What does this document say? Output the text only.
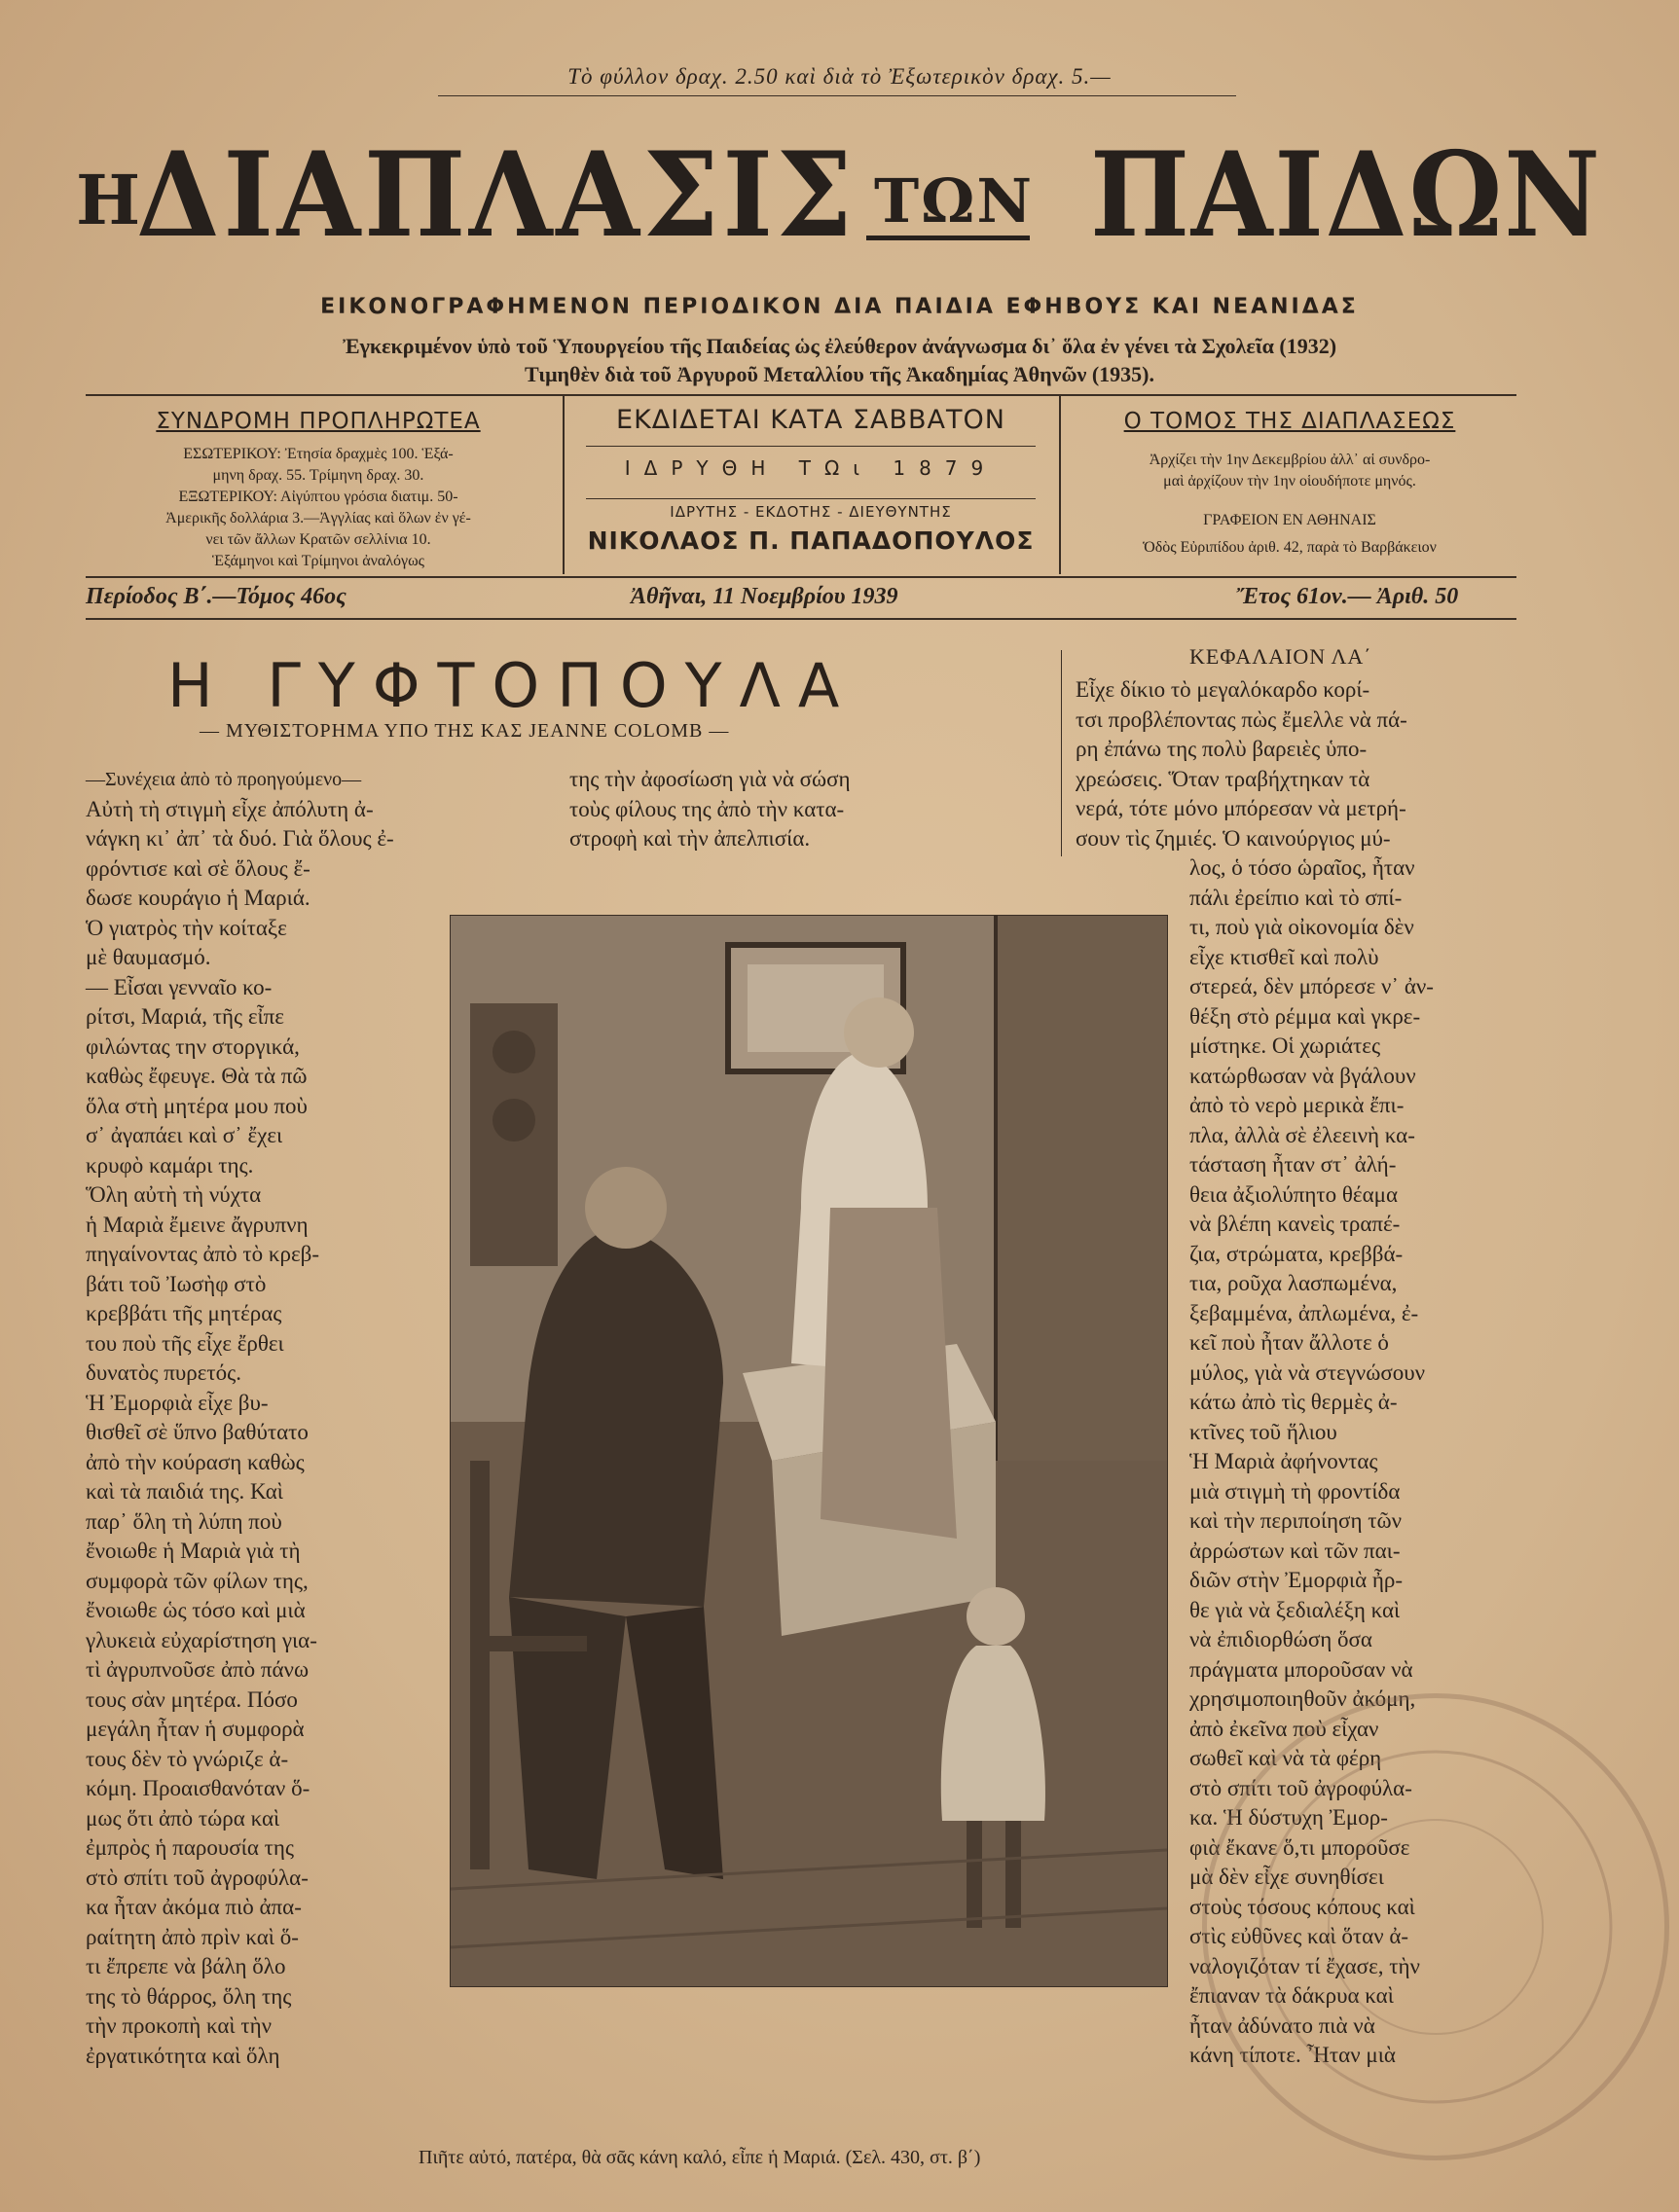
Τὸ φύλλον δραχ. 2.50 καὶ διὰ τὸ Ἐξωτερικὸν δραχ. 5.—
Η
ΔΙΑΠΛΑΣΙΣ ΤΩΝ ΠΑΙΔΩΝ
ΕΙΚΟΝΟΓΡΑΦΗΜΕΝΟΝ ΠΕΡΙΟΔΙΚΟΝ ΔΙΑ ΠΑΙΔΙΑ ΕΦΗΒΟΥΣ ΚΑΙ ΝΕΑΝΙΔΑΣ
Ἐγκεκριμένον ὑπὸ τοῦ Ὑπουργείου τῆς Παιδείας ὡς ἐλεύθερον ἀνάγνωσμα δι᾽ ὅλα ἐν γένει τὰ Σχολεῖα (1932)
Τιμηθὲν διὰ τοῦ Ἀργυροῦ Μεταλλίου τῆς Ἀκαδημίας Ἀθηνῶν (1935).
ΣΥΝΔΡΟΜΗ ΠΡΟΠΛΗΡΩΤΕΑ
ΕΣΩΤΕΡΙΚΟΥ: Ἐτησία δραχμὲς 100. Ἑξά-
μηνη δραχ. 55. Τρίμηνη δραχ. 30.
ΕΞΩΤΕΡΙΚΟΥ: Αἰγύπτου γρόσια διατιμ. 50-
Ἀμερικῆς δολλάρια 3.—Ἀγγλίας καὶ ὅλων ἐν γέ-
νει τῶν ἄλλων Κρατῶν σελλίνια 10.
Ἑξάμηνοι καὶ Τρίμηνοι ἀναλόγως
ΕΚΔΙΔΕΤΑΙ ΚΑΤΑ ΣΑΒΒΑΤΟΝ
ΙΔΡΥΘΗ ΤΩι 1879
ΙΔΡΥΤΗΣ - ΕΚΔΟΤΗΣ - ΔΙΕΥΘΥΝΤΗΣ
ΝΙΚΟΛΑΟΣ Π. ΠΑΠΑΔΟΠΟΥΛΟΣ
Ο ΤΟΜΟΣ ΤΗΣ ΔΙΑΠΛΑΣΕΩΣ
Ἀρχίζει τὴν 1ην Δεκεμβρίου ἀλλ᾽ αἱ συνδρο-
μαὶ ἀρχίζουν τὴν 1ην οἱουδήποτε μηνός.
ΓΡΑΦΕΙΟΝ ΕΝ ΑΘΗΝΑΙΣ
Ὁδὸς Εὐριπίδου ἀριθ. 42, παρὰ τὸ Βαρβάκειον
Περίοδος Β΄.—Τόμος 46ος	Ἀθῆναι, 11 Νοεμβρίου 1939	Ἔτος 61ον.— Ἀριθ. 50
Η ΓΥΦΤΟΠΟΥΛΑ
— ΜΥΘΙΣΤΟΡΗΜΑ ΥΠΟ ΤΗΣ ΚΑΣ JEANNE COLOMB —
—Συνέχεια ἀπὸ τὸ προηγούμενο—
Αὐτὴ τὴ στιγμὴ εἶχε ἀπόλυτη ἀ-
νάγκη κι᾽ ἀπ᾽ τὰ δυό. Γιὰ ὅλους ἐ-
φρόντισε καὶ σὲ ὅλους ἔ-
δωσε κουράγιο ἡ Μαριά.
Ὁ γιατρὸς τὴν κοίταξε
μὲ θαυμασμό.
— Εἶσαι γενναῖο κο-
ρίτσι, Μαριά, τῆς εἶπε
φιλώντας την στοργικά,
καθὼς ἔφευγε. Θὰ τὰ πῶ
ὅλα στὴ μητέρα μου ποὺ
σ᾽ ἀγαπάει καὶ σ᾽ ἔχει
κρυφὸ καμάρι της.
Ὅλη αὐτὴ τὴ νύχτα
ἡ Μαριὰ ἔμεινε ἄγρυπνη
πηγαίνοντας ἀπὸ τὸ κρεβ-
βάτι τοῦ Ἰωσὴφ στὸ
κρεββάτι τῆς μητέρας
του ποὺ τῆς εἶχε ἔρθει
δυνατὸς πυρετός.
Ἡ Ἐμορφιὰ εἶχε βυ-
θισθεῖ σὲ ὕπνο βαθύτατο
ἀπὸ τὴν κούραση καθὼς
καὶ τὰ παιδιά της. Καὶ
παρ᾽ ὅλη τὴ λύπη ποὺ
ἔνοιωθε ἡ Μαριὰ γιὰ τὴ
συμφορὰ τῶν φίλων της,
ἔνοιωθε ὡς τόσο καὶ μιὰ
γλυκειὰ εὐχαρίστηση για-
τὶ ἀγρυπνοῦσε ἀπὸ πάνω
τους σὰν μητέρα. Πόσο
μεγάλη ἦταν ἡ συμφορὰ
τους δὲν τὸ γνώριζε ἀ-
κόμη. Προαισθανόταν ὅ-
μως ὅτι ἀπὸ τώρα καὶ
ἐμπρὸς ἡ παρουσία της
στὸ σπίτι τοῦ ἀγροφύλα-
κα ἦταν ἀκόμα πιὸ ἀπα-
ραίτητη ἀπὸ πρὶν καὶ ὅ-
τι ἔπρεπε νὰ βάλη ὅλο
της τὸ θάρρος, ὅλη της
τὴν προκοπὴ καὶ τὴν
ἐργατικότητα καὶ ὅλη
της τὴν ἀφοσίωση γιὰ νὰ σώση
τοὺς φίλους της ἀπὸ τὴν κατα-
στροφὴ καὶ τὴν ἀπελπισία.
ΚΕΦΑΛΑΙΟΝ ΛΑ΄
Εἶχε δίκιο τὸ μεγαλόκαρδο κορί-
τσι προβλέποντας πὼς ἔμελλε νὰ πά-
ρη ἐπάνω της πολὺ βαρειὲς ὑπο-
χρεώσεις. Ὅταν τραβήχτηκαν τὰ
νερά, τότε μόνο μπόρεσαν νὰ μετρή-
σουν τὶς ζημιές. Ὁ καινούργιος μύ-
λος, ὁ τόσο ὡραῖος, ἦταν
πάλι ἐρείπιο καὶ τὸ σπί-
τι, ποὺ γιὰ οἰκονομία δὲν
εἶχε κτισθεῖ καὶ πολὺ
στερεά, δὲν μπόρεσε ν᾽ ἀν-
θέξη στὸ ρέμμα καὶ γκρε-
μίστηκε. Οἱ χωριάτες
κατώρθωσαν νὰ βγάλουν
ἀπὸ τὸ νερὸ μερικὰ ἔπι-
πλα, ἀλλὰ σὲ ἐλεεινὴ κα-
τάσταση ἦταν στ᾽ ἀλή-
θεια ἀξιολύπητο θέαμα
νὰ βλέπη κανεὶς τραπέ-
ζια, στρώματα, κρεββά-
τια, ροῦχα λασπωμένα,
ξεβαμμένα, ἀπλωμένα, ἐ-
κεῖ ποὺ ἦταν ἄλλοτε ὁ
μύλος, γιὰ νὰ στεγνώσουν
κάτω ἀπὸ τὶς θερμὲς ἀ-
κτῖνες τοῦ ἥλιου
Ἡ Μαριὰ ἀφήνοντας
μιὰ στιγμὴ τὴ φροντίδα
καὶ τὴν περιποίηση τῶν
ἀρρώστων καὶ τῶν παι-
διῶν στὴν Ἐμορφιὰ ἦρ-
θε γιὰ νὰ ξεδιαλέξη καὶ
νὰ ἐπιδιορθώση ὅσα
πράγματα μποροῦσαν νὰ
χρησιμοποιηθοῦν ἀκόμη,
ἀπὸ ἐκεῖνα ποὺ εἶχαν
σωθεῖ καὶ νὰ τὰ φέρη
στὸ σπίτι τοῦ ἀγροφύλα-
κα. Ἡ δύστυχη Ἐμορ-
φιὰ ἔκανε ὅ,τι μποροῦσε
μὰ δὲν εἶχε συνηθίσει
στοὺς τόσους κόπους καὶ
στὶς εὐθῦνες καὶ ὅταν ἀ-
ναλογιζόταν τί ἔχασε, τὴν
ἔπιαναν τὰ δάκρυα καὶ
ἦταν ἀδύνατο πιὰ νὰ
κάνη τίποτε. Ἦταν μιὰ
Πιῆτε αὐτό, πατέρα, θὰ σᾶς κάνη καλό, εἶπε ἡ Μαριά. (Σελ. 430, στ. β΄)
